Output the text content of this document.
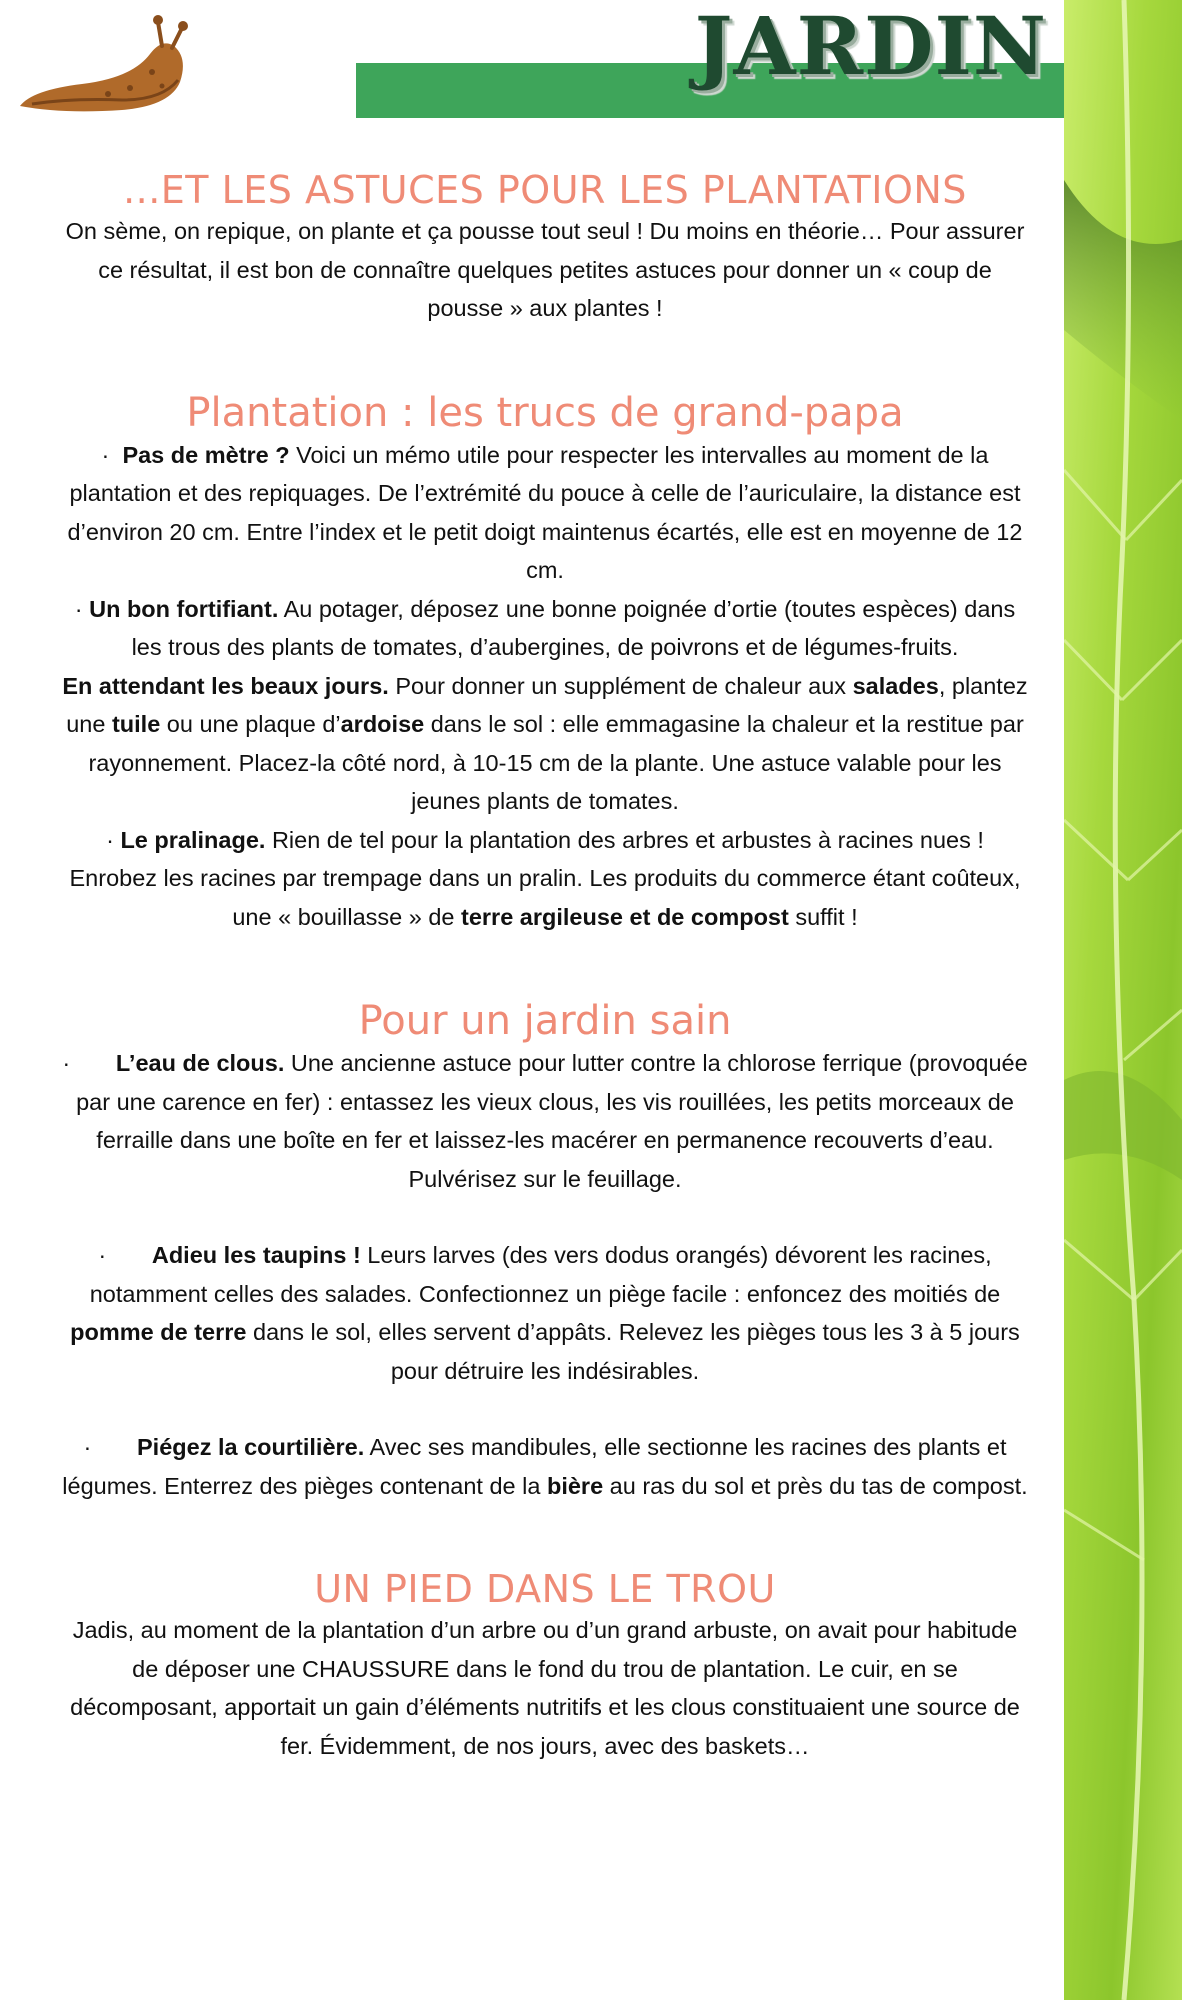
JARDIN
...ET LES ASTUCES POUR LES PLANTATIONS

On sème, on repique, on plante et ça pousse tout seul ! Du moins en théorie… Pour assurer ce résultat, il est bon de connaître quelques petites astuces pour donner un « coup de pousse » aux plantes !

Plantation : les trucs de grand-papa

· Pas de mètre ? Voici un mémo utile pour respecter les intervalles au moment de la plantation et des repiquages. De l’extrémité du pouce à celle de l’auriculaire, la distance est d’environ 20 cm. Entre l’index et le petit doigt maintenus écartés, elle est en moyenne de 12 cm.

· Un bon fortifiant. Au potager, déposez une bonne poignée d’ortie (toutes espèces) dans les trous des plants de tomates, d’aubergines, de poivrons et de légumes-fruits.

En attendant les beaux jours. Pour donner un supplément de chaleur aux salades, plantez une tuile ou une plaque d’ardoise dans le sol : elle emmagasine la chaleur et la restitue par rayonnement. Placez-la côté nord, à 10-15 cm de la plante. Une astuce valable pour les jeunes plants de tomates.

· Le pralinage. Rien de tel pour la plantation des arbres et arbustes à racines nues ! Enrobez les racines par trempage dans un pralin. Les produits du commerce étant coûteux, une « bouillasse » de terre argileuse et de compost suffit !

Pour un jardin sain

· L’eau de clous. Une ancienne astuce pour lutter contre la chlorose ferrique (provoquée par une carence en fer) : entassez les vieux clous, les vis rouillées, les petits morceaux de ferraille dans une boîte en fer et laissez-les macérer en permanence recouverts d’eau. Pulvérisez sur le feuillage.

· Adieu les taupins ! Leurs larves (des vers dodus orangés) dévorent les racines, notamment celles des salades. Confectionnez un piège facile : enfoncez des moitiés de pomme de terre dans le sol, elles servent d’appâts. Relevez les pièges tous les 3 à 5 jours pour détruire les indésirables.

· Piégez la courtilière. Avec ses mandibules, elle sectionne les racines des plants et légumes. Enterrez des pièges contenant de la bière au ras du sol et près du tas de compost.

UN PIED DANS LE TROU

Jadis, au moment de la plantation d’un arbre ou d’un grand arbuste, on avait pour habitude de déposer une CHAUSSURE dans le fond du trou de plantation. Le cuir, en se décomposant, apportait un gain d’éléments nutritifs et les clous constituaient une source de fer. Évidemment, de nos jours, avec des baskets…
